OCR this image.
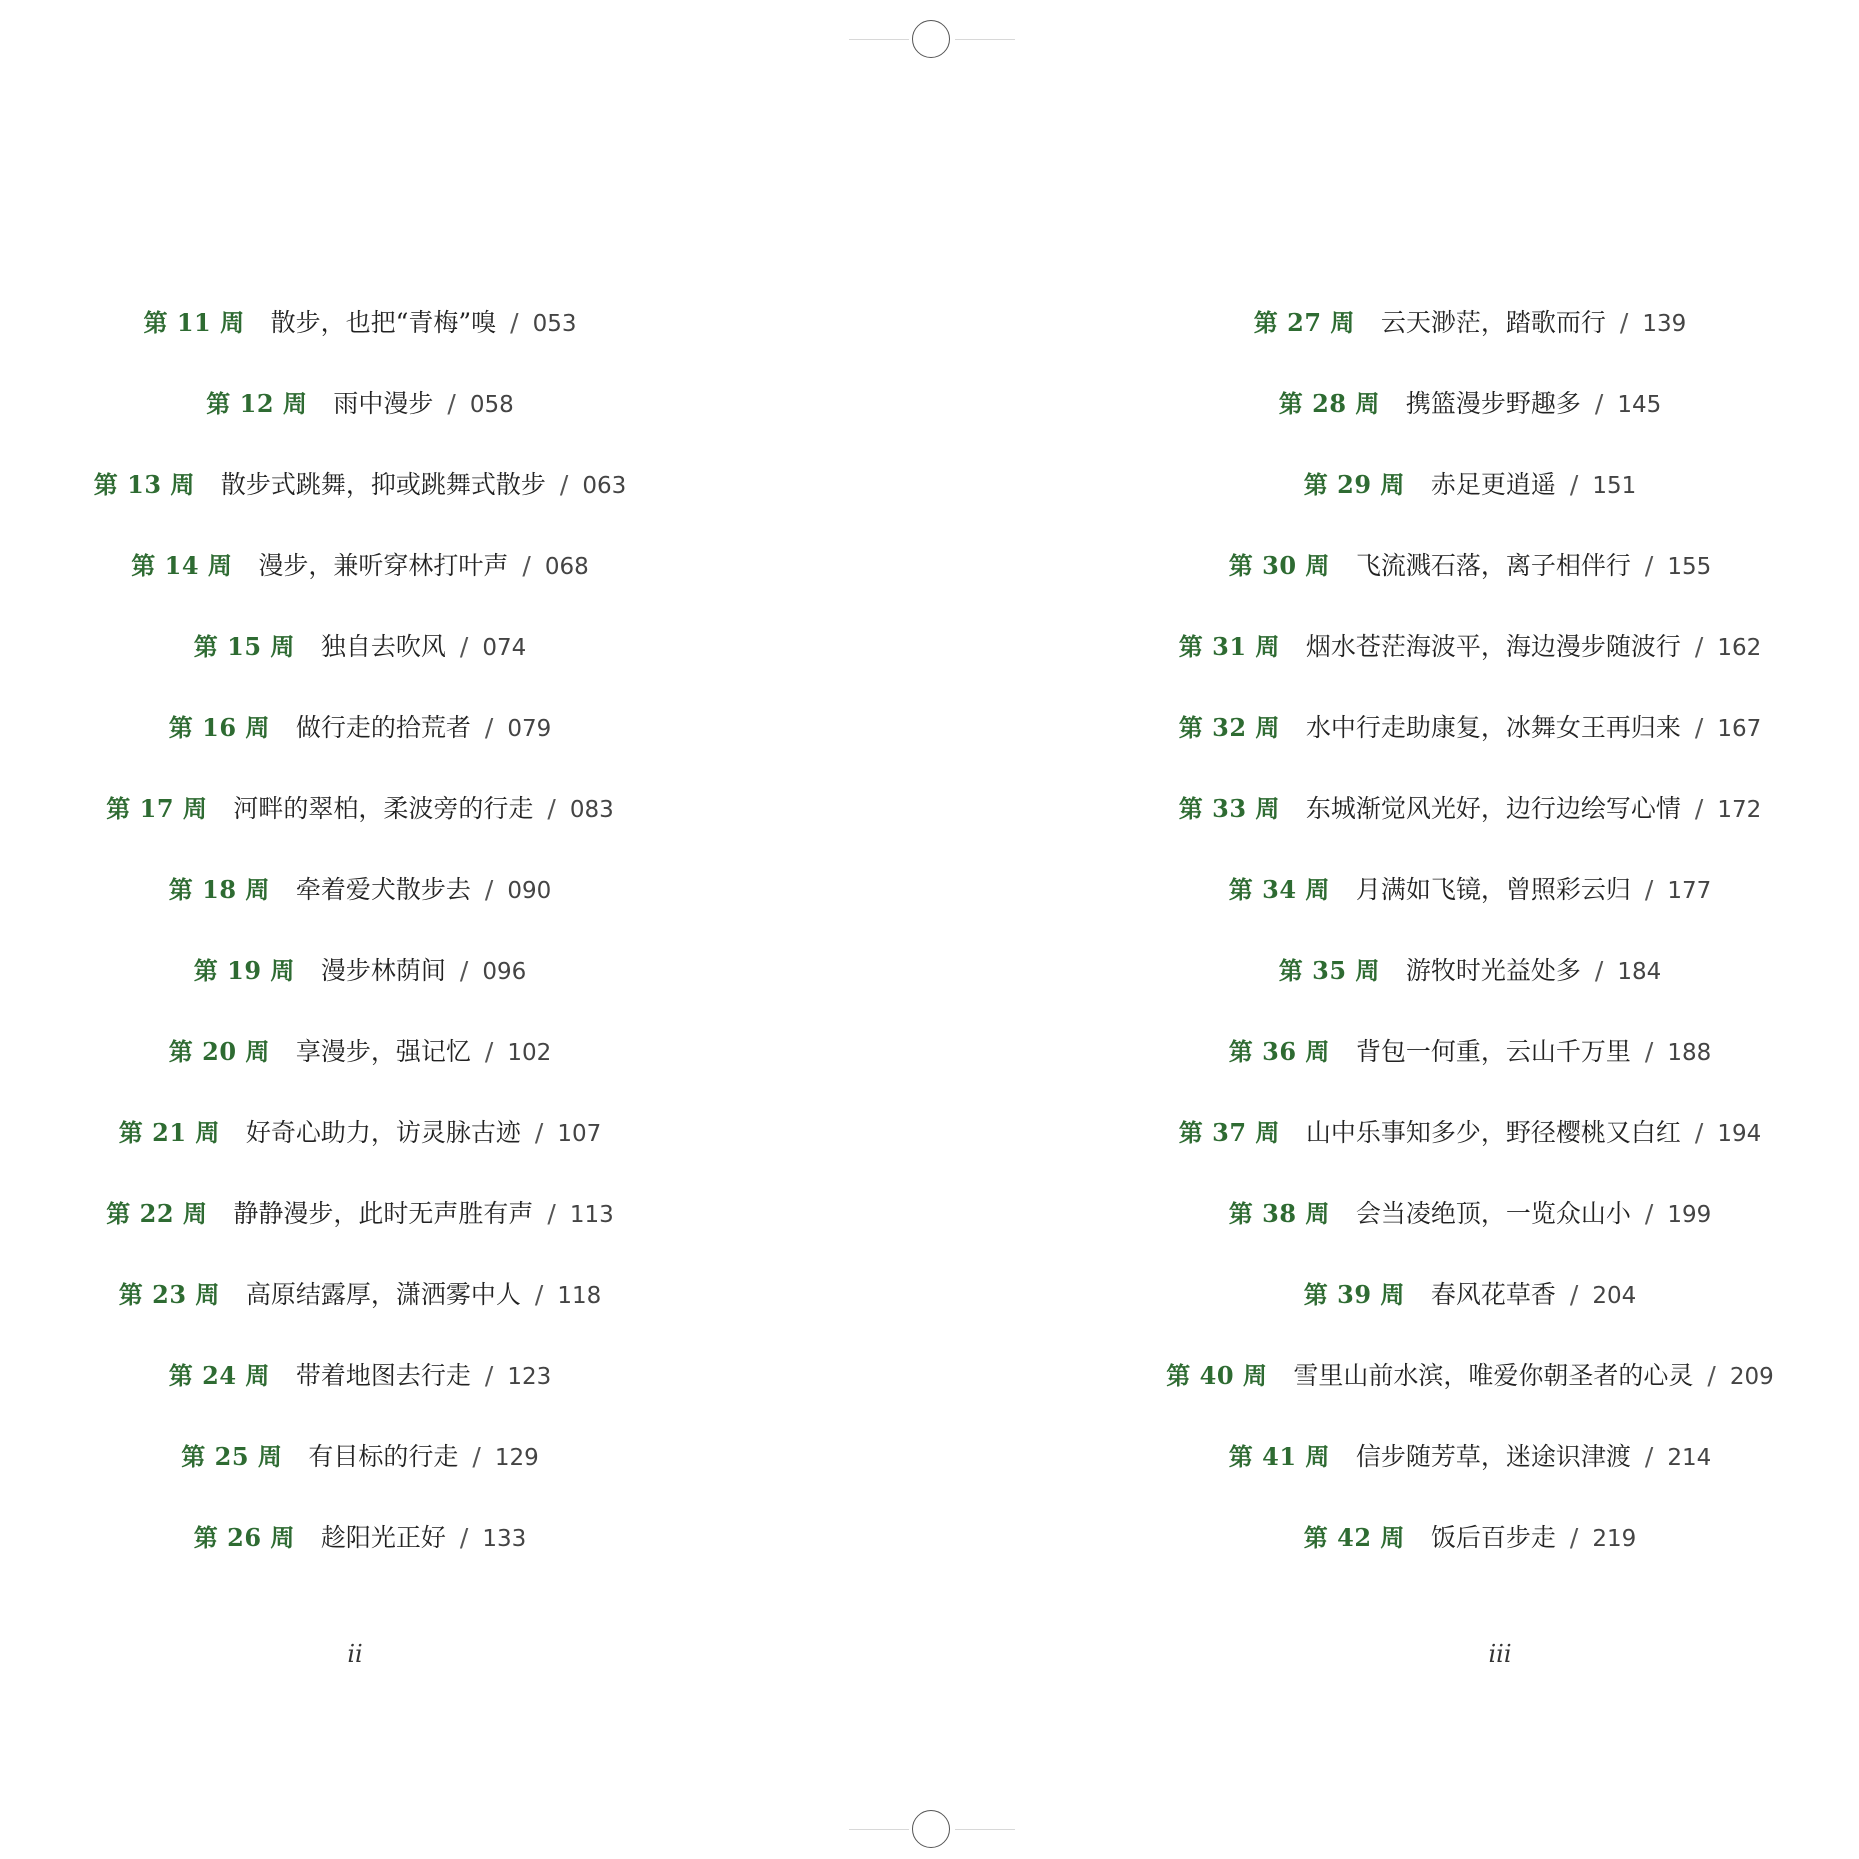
第 11 周 散步，也把“青梅”嗅 / 053
第 12 周 雨中漫步 / 058
第 13 周 散步式跳舞，抑或跳舞式散步 / 063
第 14 周 漫步，兼听穿林打叶声 / 068
第 15 周 独自去吹风 / 074
第 16 周 做行走的拾荒者 / 079
第 17 周 河畔的翠柏，柔波旁的行走 / 083
第 18 周 牵着爱犬散步去 / 090
第 19 周 漫步林荫间 / 096
第 20 周 享漫步，强记忆 / 102
第 21 周 好奇心助力，访灵脉古迹 / 107
第 22 周 静静漫步，此时无声胜有声 / 113
第 23 周 高原结露厚，潇洒雾中人 / 118
第 24 周 带着地图去行走 / 123
第 25 周 有目标的行走 / 129
第 26 周 趁阳光正好 / 133
第 27 周 云天渺茫，踏歌而行 / 139
第 28 周 携篮漫步野趣多 / 145
第 29 周 赤足更逍遥 / 151
第 30 周 飞流溅石落，离子相伴行 / 155
第 31 周 烟水苍茫海波平，海边漫步随波行 / 162
第 32 周 水中行走助康复，冰舞女王再归来 / 167
第 33 周 东城渐觉风光好，边行边绘写心情 / 172
第 34 周 月满如飞镜，曾照彩云归 / 177
第 35 周 游牧时光益处多 / 184
第 36 周 背包一何重，云山千万里 / 188
第 37 周 山中乐事知多少，野径樱桃又白红 / 194
第 38 周 会当凌绝顶，一览众山小 / 199
第 39 周 春风花草香 / 204
第 40 周 雪里山前水滨，唯爱你朝圣者的心灵 / 209
第 41 周 信步随芳草，迷途识津渡 / 214
第 42 周 饭后百步走 / 219
ii	iii
